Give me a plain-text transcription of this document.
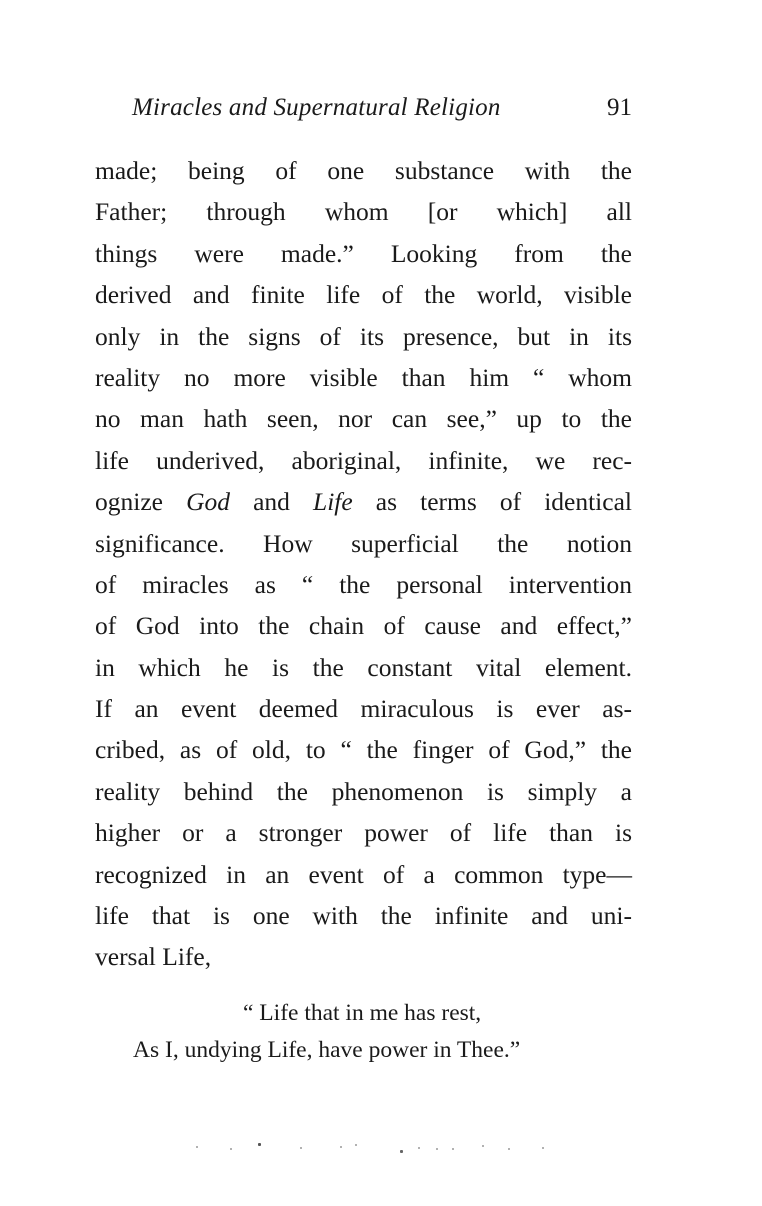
Miracles and Supernatural Religion	91
made; being of one substance with the
Father; through whom [or which] all
things were made.” Looking from the
derived and finite life of the world, visible
only in the signs of its presence, but in its
reality no more visible than him “ whom
no man hath seen, nor can see,” up to the
life underived, aboriginal, infinite, we rec-
ognize God and Life as terms of identical
significance. How superficial the notion
of miracles as “ the personal intervention
of God into the chain of cause and effect,”
in which he is the constant vital element.
If an event deemed miraculous is ever as-
cribed, as of old, to “ the finger of God,” the
reality behind the phenomenon is simply a
higher or a stronger power of life than is
recognized in an event of a common type—
life that is one with the infinite and uni-
versal Life,
“ Life that in me has rest,
As I, undying Life, have power in Thee.”
